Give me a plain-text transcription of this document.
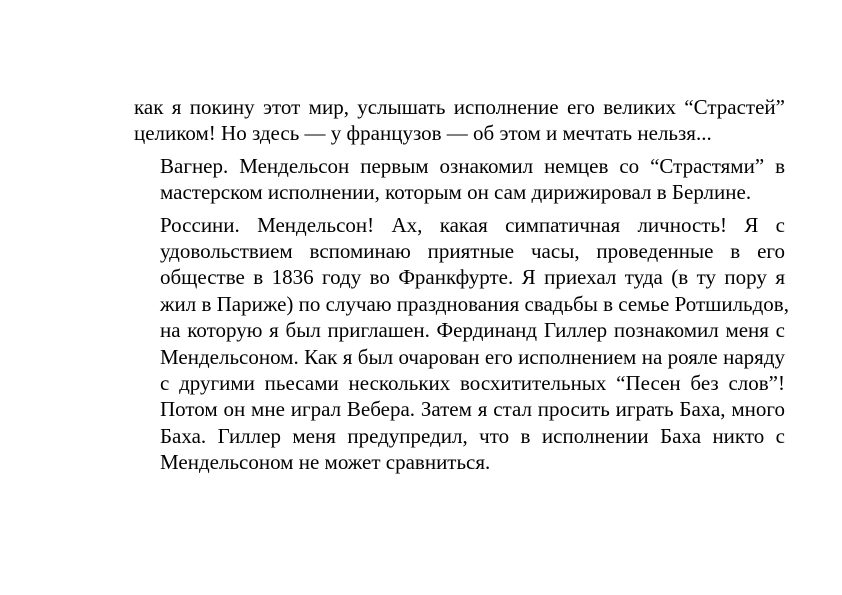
как я покину этот мир, услышать исполнение его великих “Страстей”
целиком! Но здесь — у французов — об этом и мечтать нельзя...

Вагнер. Мендельсон первым ознакомил немцев со “Страстями” в
мастерском исполнении, которым он сам дирижировал в Берлине.

Россини. Мендельсон! Ах, какая симпатичная личность! Я с
удовольствием вспоминаю приятные часы, проведенные в его
обществе в 1836 году во Франкфурте. Я приехал туда (в ту пору я
жил в Париже) по случаю празднования свадьбы в семье Ротшильдов,
на которую я был приглашен. Фердинанд Гиллер познакомил меня с
Мендельсоном. Как я был очарован его исполнением на рояле наряду
с другими пьесами нескольких восхитительных “Песен без слов”!
Потом он мне играл Вебера. Затем я стал просить играть Баха, много
Баха. Гиллер меня предупредил, что в исполнении Баха никто с
Мендельсоном не может сравниться.
